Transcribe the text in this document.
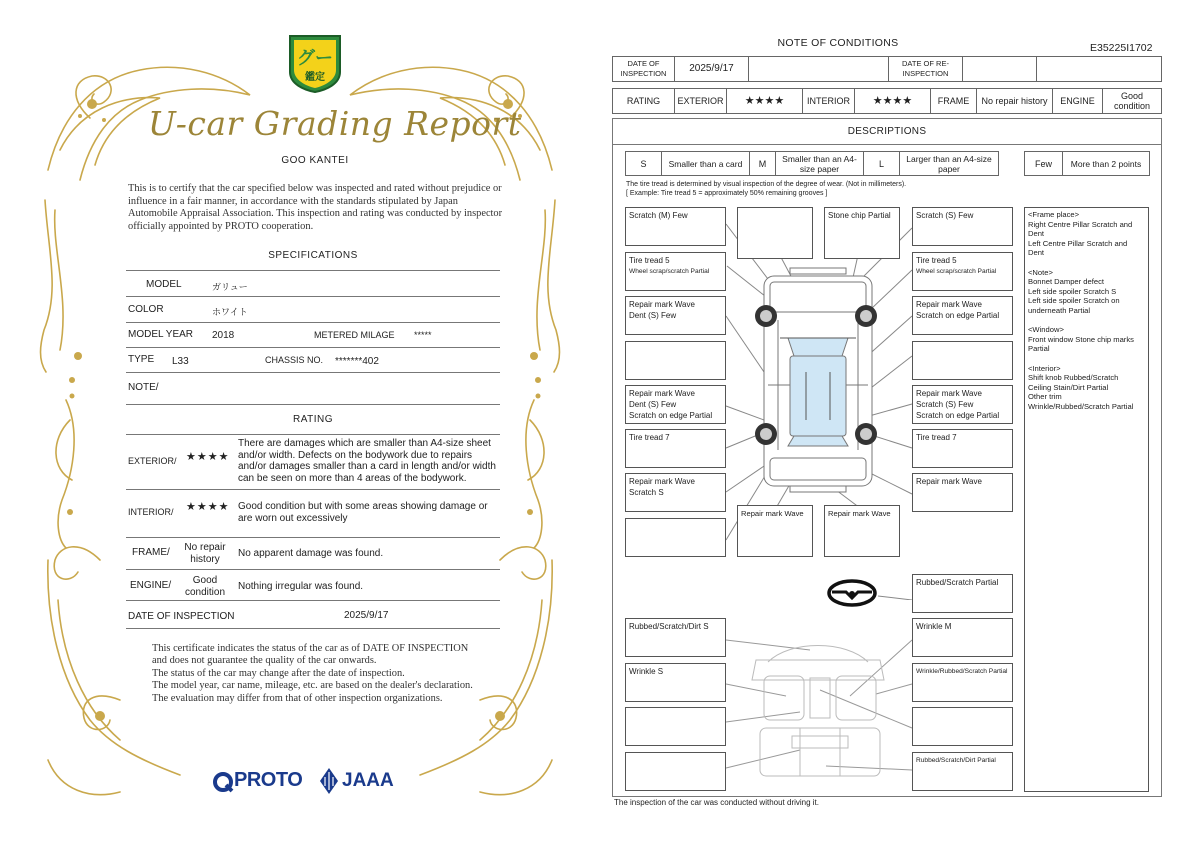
グー
鑑定
U-car Grading Report
GOO KANTEI
This is to certify that the car specified below was inspected and rated without prejudice or influence in a fair manner, in accordance with the standards stipulated by Japan Automobile Appraisal Association. This inspection and rating was conducted by inspector officially appointed by PROTO cooperation.
SPECIFICATIONS
MODEL	ガリュー
COLOR	ホワイト
MODEL YEAR 2018	METERED MILAGE *****
TYPE L33	CHASSIS NO. *******402
NOTE/
RATING
EXTERIOR/ ★★★★
There are damages which are smaller than A4-size sheet and/or width. Defects on the bodywork due to repairs and/or damages smaller than a card in length and/or width can be seen on more than 4 areas of the bodywork.
INTERIOR/ ★★★★ Good condition but with some areas showing damage or are worn out excessively
FRAME/	No repair history	No apparent damage was found.
ENGINE/	Good condition	Nothing irregular was found.
DATE OF INSPECTION	2025/9/17
This certificate indicates the status of the car as of DATE OF INSPECTION and does not guarantee the quality of the car onwards.
The status of the car may change after the date of inspection.
The model year, car name, mileage, etc. are based on the dealer's declaration.
The evaluation may differ from that of other inspection organizations.
PROTO JAAA
NOTE OF CONDITIONS	E35225I1702
DATE OF INSPECTION	2025/9/17		DATE OF RE-INSPECTION		
RATING	EXTERIOR	★★★★	INTERIOR	★★★★	FRAME	No repair history	ENGINE	Good condition
DESCRIPTIONS
S	Smaller than a card	M	Smaller than an A4-size paper	L	Larger than an A4-size paper	Few	More than 2 points
The tire tread is determined by visual inspection of the degree of wear. (Not in millimeters).
[ Example: Tire tread 5 = approximately 50% remaining grooves ]
Scratch (M) Few
Tire tread 5
Wheel scrap/scratch Partial
Repair mark Wave
Dent (S) Few
Repair mark Wave
Dent (S) Few
Scratch on edge Partial
Tire tread 7
Repair mark Wave
Scratch S
Stone chip Partial	Scratch (S) Few
Tire tread 5
Wheel scrap/scratch Partial
Repair mark Wave
Scratch on edge Partial
Repair mark Wave
Scratch (S) Few
Scratch on edge Partial
Tire tread 7
Repair mark Wave
Repair mark Wave	Repair mark Wave
Rubbed/Scratch Partial
Rubbed/Scratch/Dirt S
Wrinkle S
Wrinkle M
Wrinkle/Rubbed/Scratch Partial
Rubbed/Scratch/Dirt Partial
<Frame place>
Right Centre Pillar Scratch and Dent
Left Centre Pillar Scratch and Dent
<Note>
Bonnet Damper defect
Left side spoiler Scratch S
Left side spoiler Scratch on underneath Partial
<Window>
Front window Stone chip marks Partial
<Interior>
Shift knob Rubbed/Scratch
Ceiling Stain/Dirt Partial
Other trim
Wrinkle/Rubbed/Scratch Partial
The inspection of the car was conducted without driving it.
